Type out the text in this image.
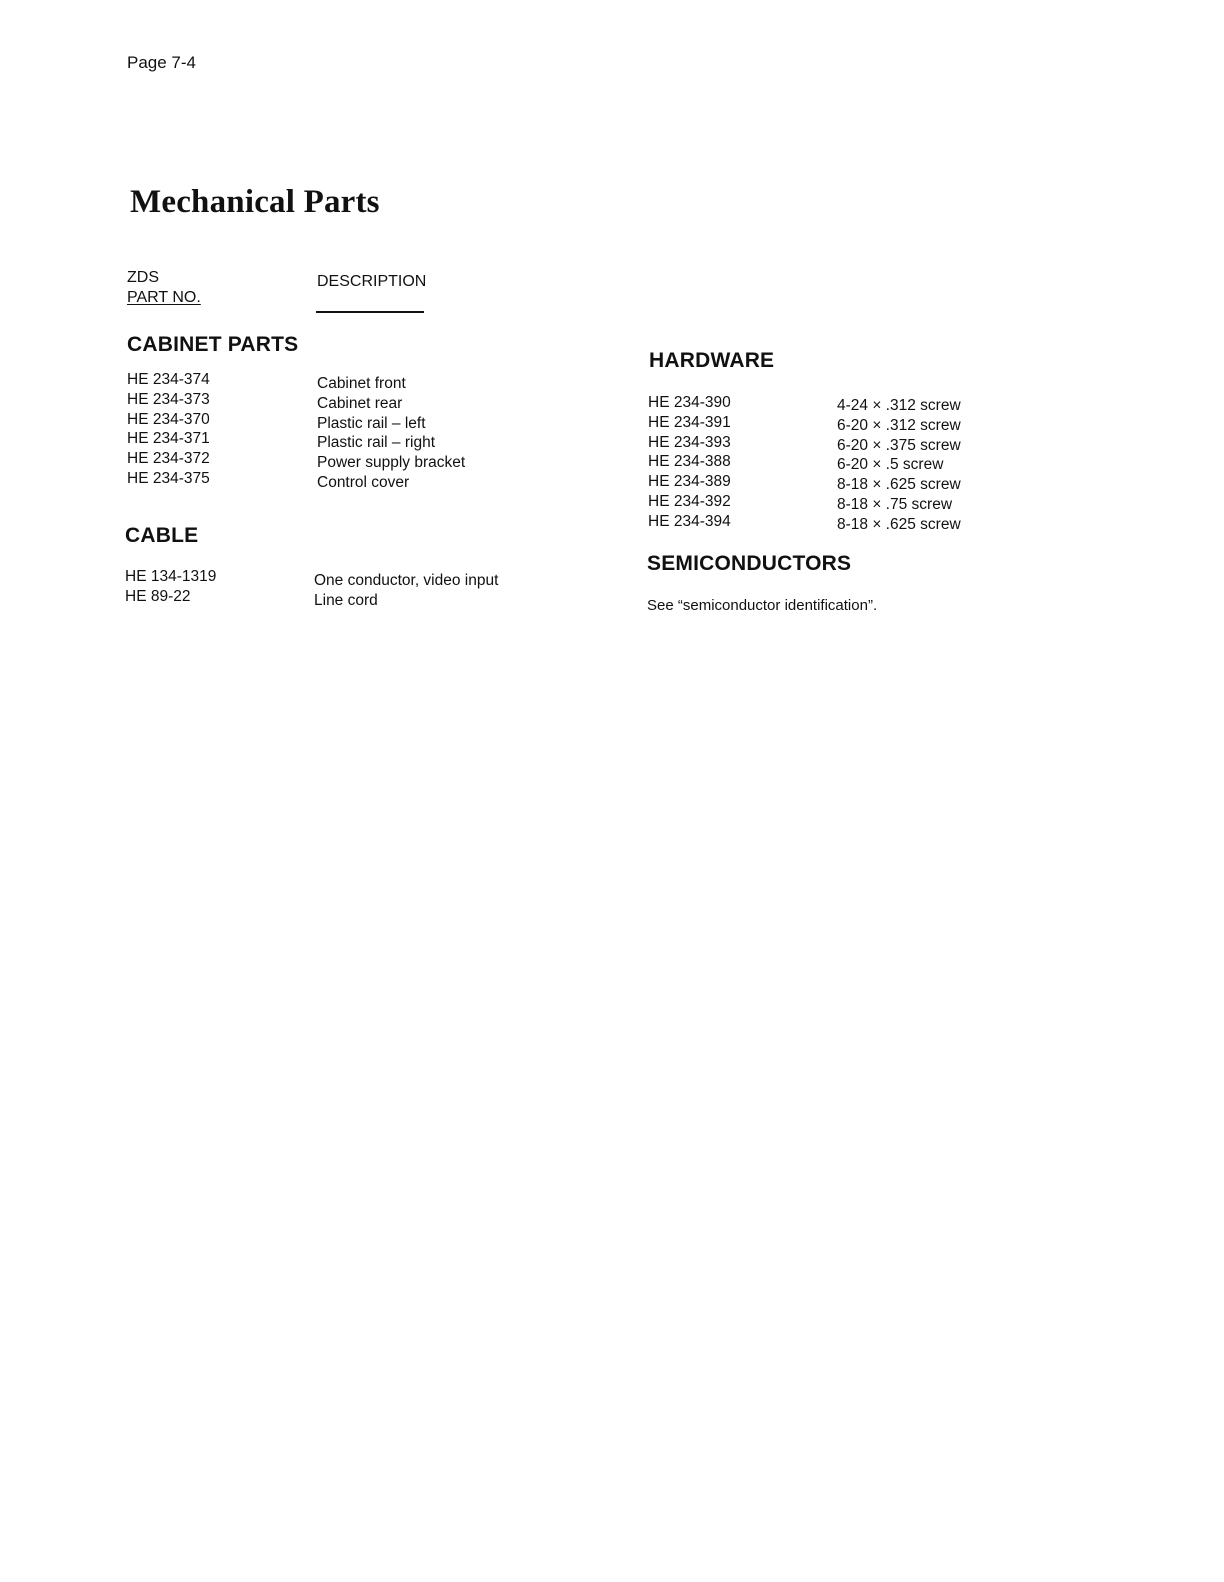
Page 7-4
Mechanical Parts
ZDS
PART NO.
DESCRIPTION
CABINET PARTS
HE 234-374	Cabinet front
HE 234-373	Cabinet rear
HE 234-370	Plastic rail – left
HE 234-371	Plastic rail – right
HE 234-372	Power supply bracket
HE 234-375	Control cover
CABLE
HE 134-1319	One conductor, video input
HE 89-22	Line cord
HARDWARE
HE 234-390	4-24 × .312 screw
HE 234-391	6-20 × .312 screw
HE 234-393	6-20 × .375 screw
HE 234-388	6-20 × .5 screw
HE 234-389	8-18 × .625 screw
HE 234-392	8-18 × .75 screw
HE 234-394	8-18 × .625 screw
SEMICONDUCTORS
See “semiconductor identification”.
